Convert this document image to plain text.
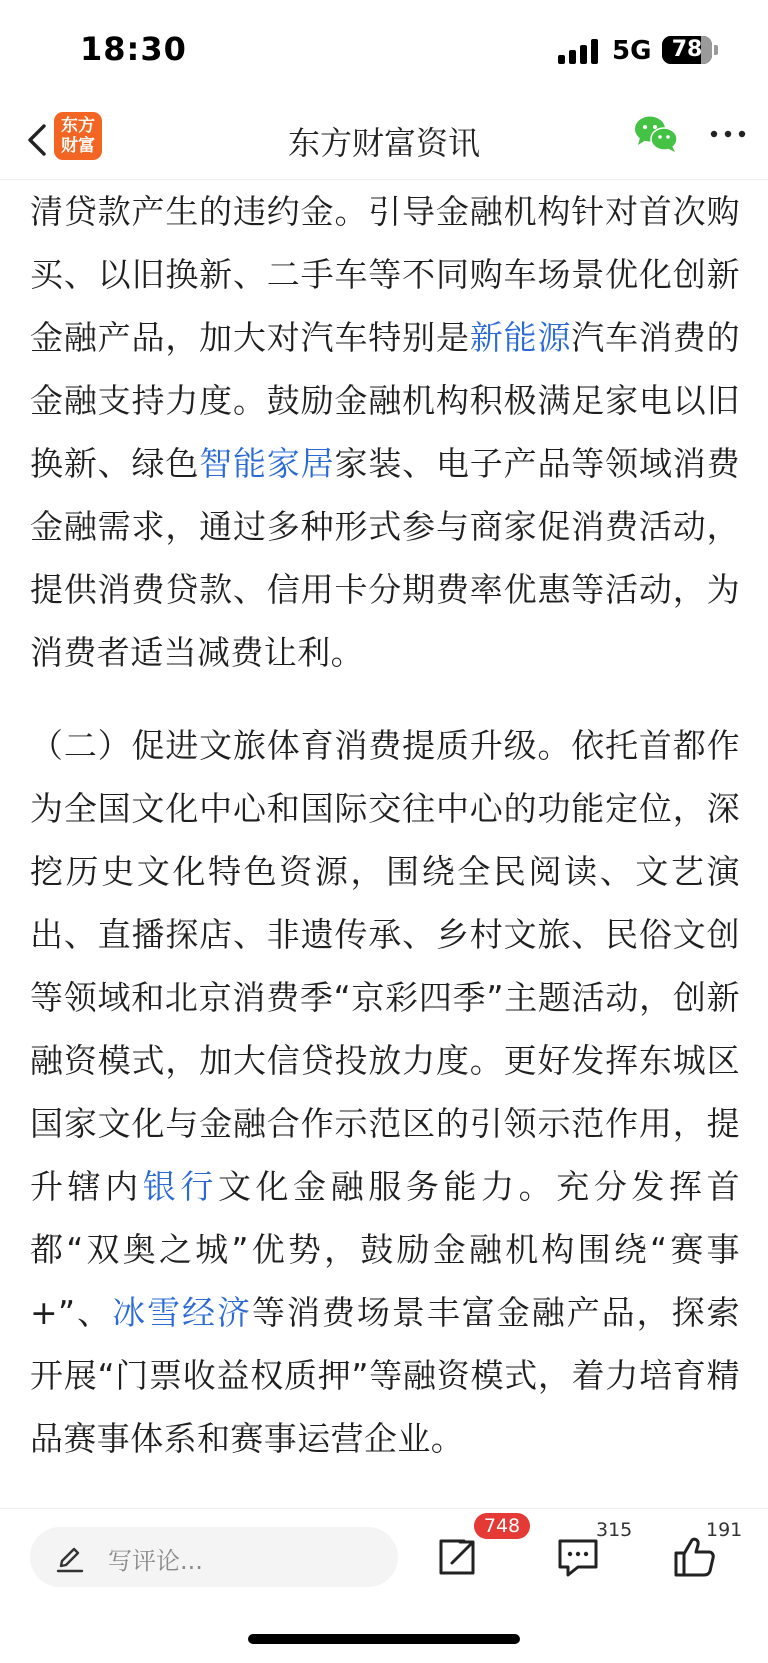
18:30	5G 78
东方财富资讯
东方
财富

清贷款产生的违约金。引导金融机构针对首次购买、以旧换新、二手车等不同购车场景优化创新金融产品，加大对汽车特别是新能源汽车消费的金融支持力度。鼓励金融机构积极满足家电以旧换新、绿色智能家居家装、电子产品等领域消费金融需求，通过多种形式参与商家促消费活动，提供消费贷款、信用卡分期费率优惠等活动，为消费者适当减费让利。

（二）促进文旅体育消费提质升级。依托首都作为全国文化中心和国际交往中心的功能定位，深挖历史文化特色资源，围绕全民阅读、文艺演出、直播探店、非遗传承、乡村文旅、民俗文创等领域和北京消费季“京彩四季”主题活动，创新融资模式，加大信贷投放力度。更好发挥东城区国家文化与金融合作示范区的引领示范作用，提升辖内银行文化金融服务能力。充分发挥首都“双奥之城”优势，鼓励金融机构围绕“赛事+”、冰雪经济等消费场景丰富金融产品，探索开展“门票收益权质押”等融资模式，着力培育精品赛事体系和赛事运营企业。

写评论...
748	315	191
